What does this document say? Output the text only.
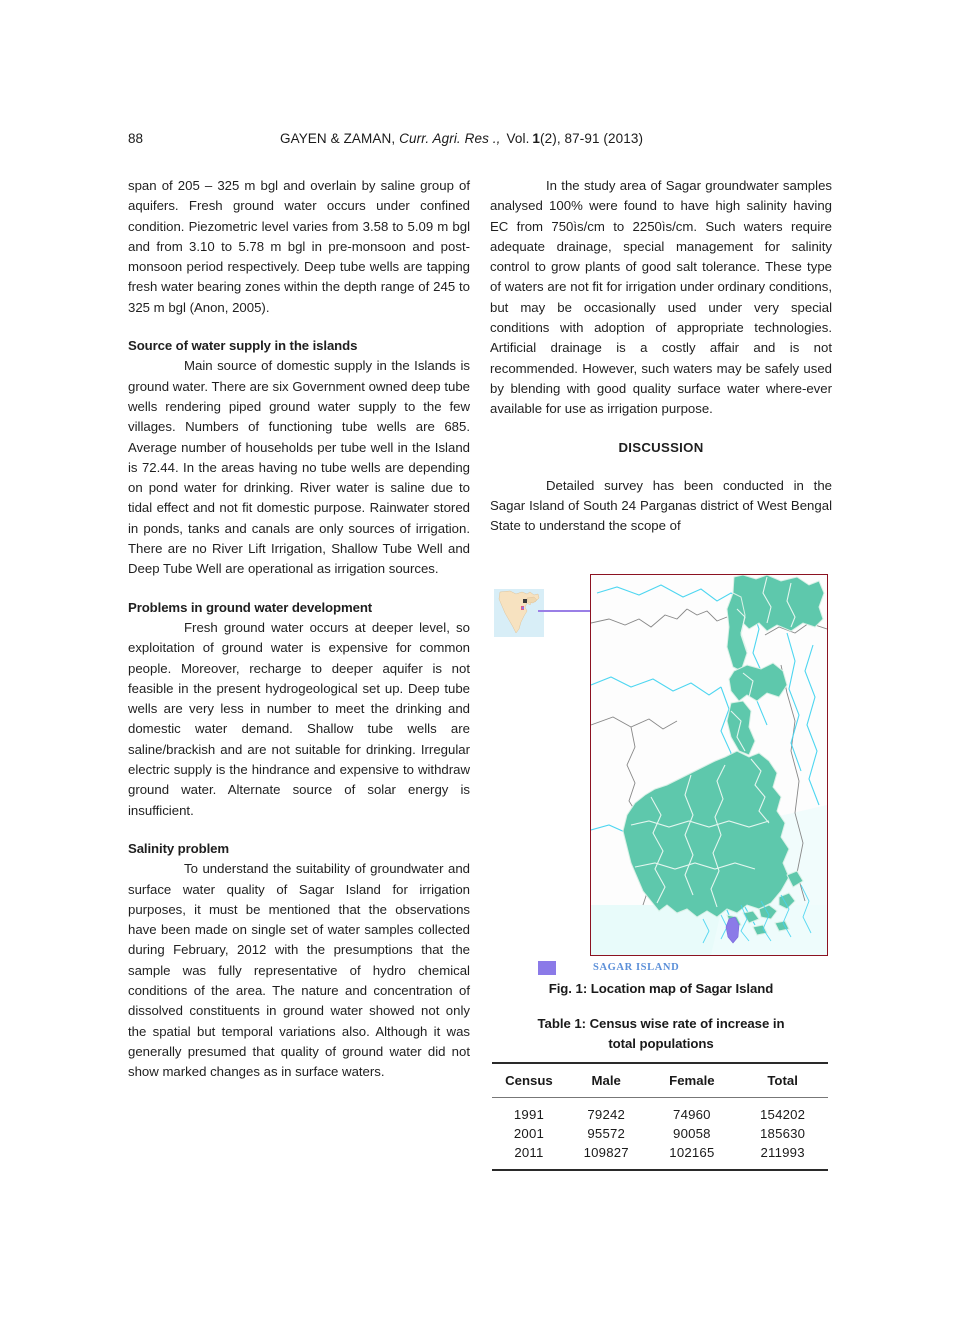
88	GAYEN & ZAMAN, Curr. Agri. Res ., Vol. 1(2), 87-91 (2013)

span of 205 – 325 m bgl and overlain by saline group of aquifers. Fresh ground water occurs under confined condition. Piezometric level varies from 3.58 to 5.09 m bgl and from 3.10 to 5.78 m bgl in pre-monsoon and post-monsoon period respectively. Deep tube wells are tapping fresh water bearing zones within the depth range of 245 to 325 m bgl (Anon, 2005).

Source of water supply in the islands

Main source of domestic supply in the Islands is ground water. There are six Government owned deep tube wells rendering piped ground water supply to the few villages. Numbers of functioning tube wells are 685. Average number of households per tube well in the Island is 72.44. In the areas having no tube wells are depending on pond water for drinking. River water is saline due to tidal effect and not fit domestic purpose. Rainwater stored in ponds, tanks and canals are only sources of irrigation. There are no River Lift Irrigation, Shallow Tube Well and Deep Tube Well are operational as irrigation sources.

Problems in ground water development

Fresh ground water occurs at deeper level, so exploitation of ground water is expensive for common people. Moreover, recharge to deeper aquifer is not feasible in the present hydrogeological set up. Deep tube wells are very less in number to meet the drinking and domestic water demand. Shallow tube wells are saline/brackish and are not suitable for drinking. Irregular electric supply is the hindrance and expensive to withdraw ground water. Alternate source of solar energy is insufficient.

Salinity problem

To understand the suitability of groundwater and surface water quality of Sagar Island for irrigation purposes, it must be mentioned that the observations have been made on single set of water samples collected during February, 2012 with the presumptions that the sample was fully representative of hydro chemical conditions of the area. The nature and concentration of dissolved constituents in ground water showed not only the spatial but temporal variations also. Although it was generally presumed that quality of ground water did not show marked changes as in surface waters.

In the study area of Sagar groundwater samples analysed 100% were found to have high salinity having EC from 750ìs/cm to 2250ìs/cm. Such waters require adequate drainage, special management for salinity control to grow plants of good salt tolerance. These type of waters are not fit for irrigation under ordinary conditions, but may be occasionally used under very special conditions with adoption of appropriate technologies. Artificial drainage is a costly affair and is not recommended. However, such waters may be safely used by blending with good quality surface water where-ever available for use as irrigation purpose.

DISCUSSION

Detailed survey has been conducted in the Sagar Island of South 24 Parganas district of West Bengal State to understand the scope of

SAGAR ISLAND
Fig. 1: Location map of Sagar Island
Table 1: Census wise rate of increase in
total populations
Census	Male	Female	Total
1991	79242	74960	154202
2001	95572	90058	185630
2011	109827	102165	211993
